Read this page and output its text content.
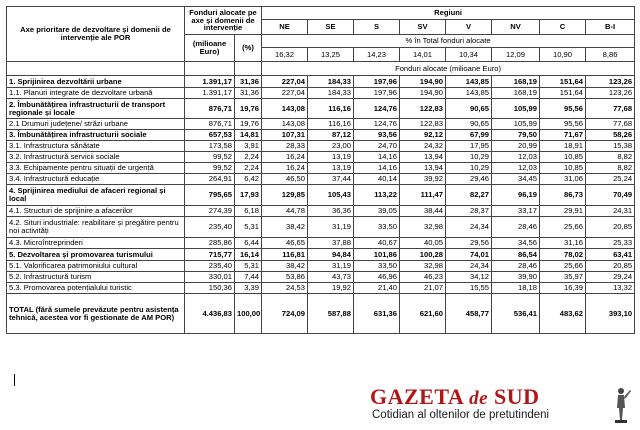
Axe prioritare de dezvoltare și domenii de intervenție ale POR	Fonduri alocate pe axe și domenii de intervenție		Regiuni							
			NE	SE	S	SV	V	NV	C	B-I
	(milioane Euro)	(%)	% în Total fonduri alocate							
			16,32	13,25	14,23	14,01	10,34	12,09	10,90	8,86
			Fonduri alocate (milioane Euro)							
1. Sprijinirea dezvoltării urbane	1.391,17	31,36	227,04	184,33	197,96	194,90	143,85	168,19	151,64	123,26
1.1. Planuri integrate de dezvoltare urbană	1.391,17	31,36	227,04	184,33	197,96	194,90	143,85	168,19	151,64	123,26
2. Îmbunătățirea infrastructurii de transport regionale și locale	876,71	19,76	143,08	116,16	124,76	122,83	90,65	105,99	95,56	77,68
2.1 Drumuri județene/ străzi urbane	876,71	19,76	143,08	116,16	124,76	122,83	90,65	105,99	95,56	77,68
3. Îmbunătățirea infrastructurii sociale	657,53	14,81	107,31	87,12	93,56	92,12	67,99	79,50	71,67	58,26
3.1. Infrastructura sănătate	173,58	3,91	28,33	23,00	24,70	24,32	17,95	20,99	18,91	15,38
3.2. Infrastructură servicii sociale	99,52	2,24	16,24	13,19	14,16	13,94	10,29	12,03	10,85	8,82
3.3. Echipamente pentru situații de urgență	99,52	2,24	16,24	13,19	14,16	13,94	10,29	12,03	10,85	8,82
3.4. Infrastructură educație	264,91	6,42	46,50	37,44	40,14	39,92	29,46	34,45	31,06	25,24
4. Sprijinirea mediului de afaceri regional și local	795,65	17,93	129,85	105,43	113,22	111,47	82,27	96,19	86,73	70,49
4.1. Structuri de sprijinire a afacerilor	274,39	6,18	44,78	36,36	39,05	38,44	28,37	33,17	29,91	24,31
4.2. Situri industriale: reabilitare și pregătire pentru noi activități	235,40	5,31	38,42	31,19	33,50	32,98	24,34	28,46	25,66	20,85
4.3. Microîntreprinderi	285,86	6,44	46,65	37,88	40,67	40,05	29,56	34,56	31,16	25,33
5. Dezvoltarea și promovarea turismului	715,77	16,14	116,81	94,84	101,86	100,28	74,01	86,54	78,02	63,41
5.1. Valorificarea patrimoniului cultural	235,40	5,31	38,42	31,19	33,50	32,98	24,34	28,46	25,66	20,85
5.2. Infrastructură turism	330,01	7,44	53,86	43,73	46,96	46,23	34,12	39,90	35,97	29,24
5.3. Promovarea potențialului turistic	150,36	3,39	24,53	19,92	21,40	21,07	15,55	18,18	16,39	13,32
TOTAL (fără sumele prevăzute pentru asistența tehnică, acestea vor fi gestionate de AM POR)	4.436,83	100,00	724,09	587,88	631,36	621,60	458,77	536,41	483,62	393,10
GAZETA de SUD
Cotidian al oltenilor de pretutindeni
